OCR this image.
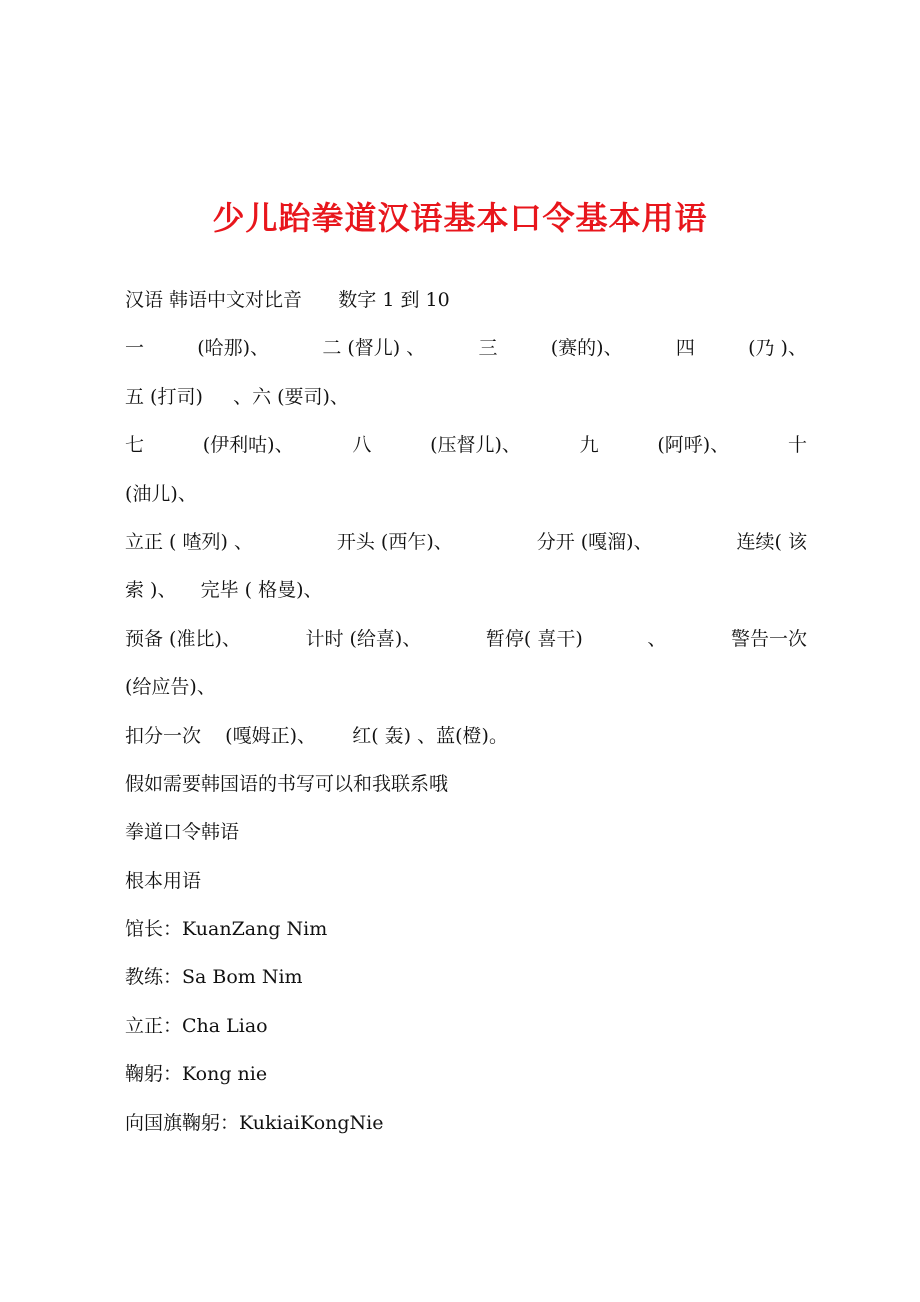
少儿跆拳道汉语基本口令基本用语
汉语 韩语中文对比音      数字 1 到 10
一	(哈那)、	二 (督儿) 、	三	(赛的)、	四	(乃 )、
五 (打司)     、六 (要司)、
七	(伊利咕)、	八	(压督儿)、	九	(阿呼)、	十
(油儿)、
立正 ( 喳列) 、	开头 (西乍)、	分开 (嘎溜)、	连续( 该
索 )、    完毕 ( 格曼)、
预备 (准比)、	计时 (给喜)、	暂停( 喜干)	、	警告一次
(给应告)、
扣分一次    (嘎姆正)、      红( 轰) 、蓝(橙)。
假如需要韩国语的书写可以和我联系哦
拳道口令韩语
根本用语
馆长：KuanZang Nim
教练：Sa Bom Nim
立正：Cha Liao
鞠躬：Kong nie
向国旗鞠躬：KukiaiKongNie
